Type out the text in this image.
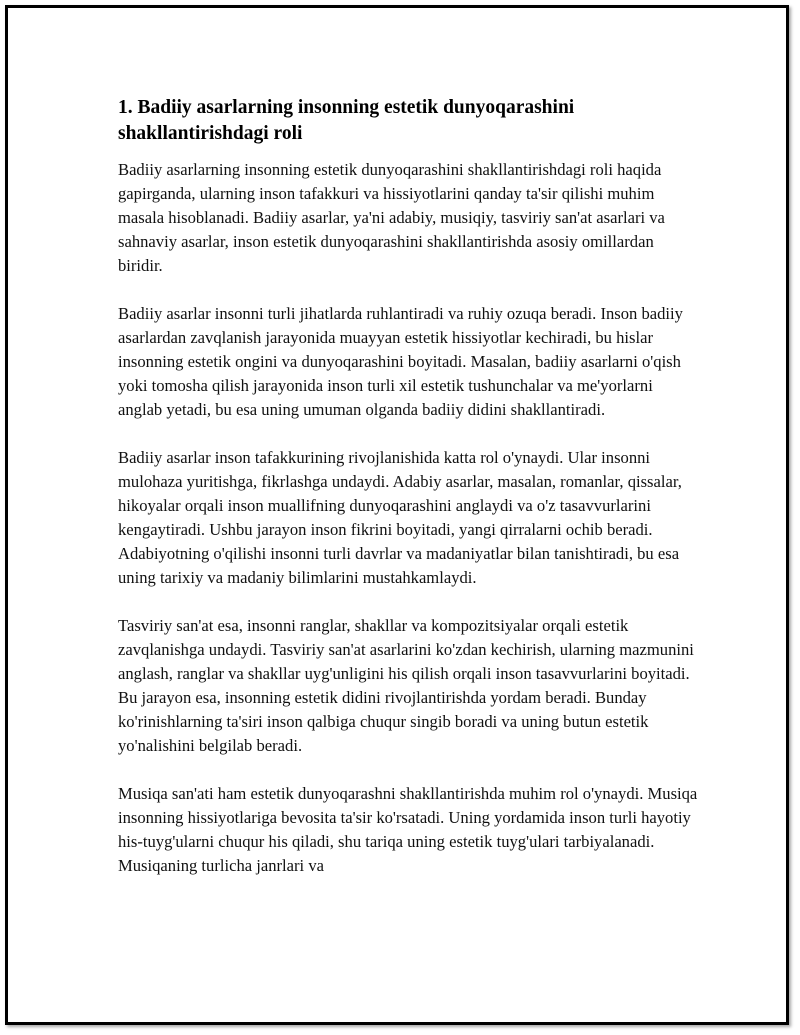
1. Badiiy asarlarning insonning estetik dunyoqarashini shakllantirishdagi roli

Badiiy asarlarning insonning estetik dunyoqarashini shakllantirishdagi roli haqida gapirganda, ularning inson tafakkuri va hissiyotlarini qanday ta'sir qilishi muhim masala hisoblanadi. Badiiy asarlar, ya'ni adabiy, musiqiy, tasviriy san'at asarlari va sahnaviy asarlar, inson estetik dunyoqarashini shakllantirishda asosiy omillardan biridir.

Badiiy asarlar insonni turli jihatlarda ruhlantiradi va ruhiy ozuqa beradi. Inson badiiy asarlardan zavqlanish jarayonida muayyan estetik hissiyotlar kechiradi, bu hislar insonning estetik ongini va dunyoqarashini boyitadi. Masalan, badiiy asarlarni o'qish yoki tomosha qilish jarayonida inson turli xil estetik tushunchalar va me'yorlarni anglab yetadi, bu esa uning umuman olganda badiiy didini shakllantiradi.

Badiiy asarlar inson tafakkurining rivojlanishida katta rol o'ynaydi. Ular insonni mulohaza yuritishga, fikrlashga undaydi. Adabiy asarlar, masalan, romanlar, qissalar, hikoyalar orqali inson muallifning dunyoqarashini anglaydi va o'z tasavvurlarini kengaytiradi. Ushbu jarayon inson fikrini boyitadi, yangi qirralarni ochib beradi. Adabiyotning o'qilishi insonni turli davrlar va madaniyatlar bilan tanishtiradi, bu esa uning tarixiy va madaniy bilimlarini mustahkamlaydi.

Tasviriy san'at esa, insonni ranglar, shakllar va kompozitsiyalar orqali estetik zavqlanishga undaydi. Tasviriy san'at asarlarini ko'zdan kechirish, ularning mazmunini anglash, ranglar va shakllar uyg'unligini his qilish orqali inson tasavvurlarini boyitadi. Bu jarayon esa, insonning estetik didini rivojlantirishda yordam beradi. Bunday ko'rinishlarning ta'siri inson qalbiga chuqur singib boradi va uning butun estetik yo'nalishini belgilab beradi.

Musiqa san'ati ham estetik dunyoqarashni shakllantirishda muhim rol o'ynaydi. Musiqa insonning hissiyotlariga bevosita ta'sir ko'rsatadi. Uning yordamida inson turli hayotiy his-tuyg'ularni chuqur his qiladi, shu tariqa uning estetik tuyg'ulari tarbiyalanadi. Musiqaning turlicha janrlari va
